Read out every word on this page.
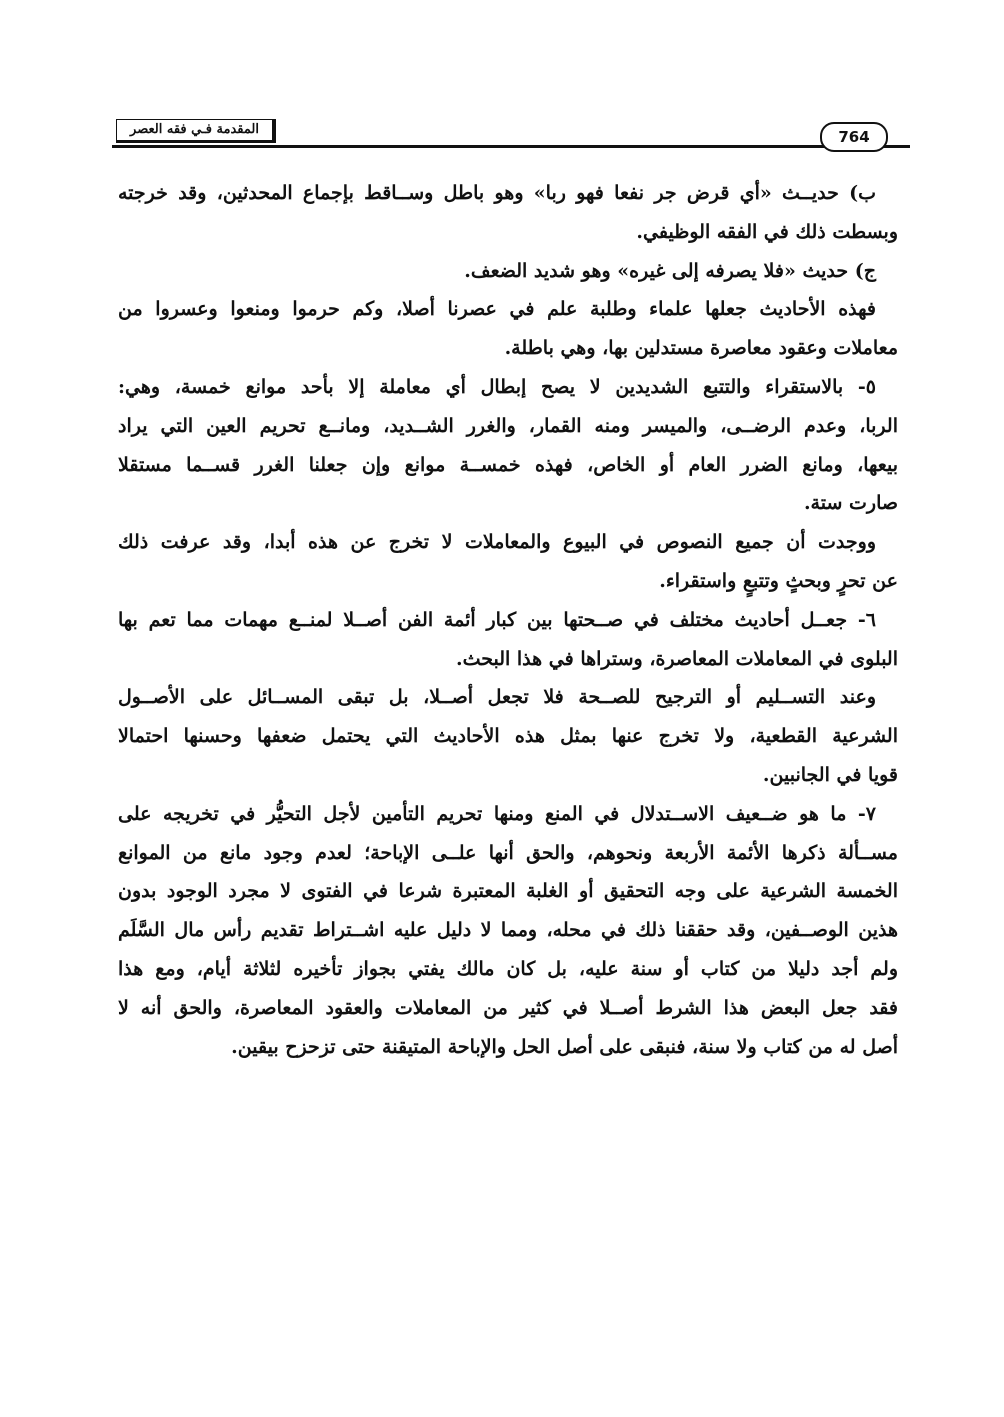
المقدمة فـي فقه العصر	764
ب) حديــث «أي قرض جر نفعا فهو ربا» وهو باطل وســاقط بإجماع المحدثين، وقد خرجته
وبسطت ذلك في الفقه الوظيفي.
ج) حديث «فلا يصرفه إلى غيره» وهو شديد الضعف.
فهذه الأحاديث جعلها علماء وطلبة علم في عصرنا أصلا، وكم حرموا ومنعوا وعسروا من
معاملات وعقود معاصرة مستدلين بها، وهي باطلة.
٥- بالاستقراء والتتبع الشديدين لا يصح إبطال أي معاملة إلا بأحد موانع خمسة، وهي:
الربا، وعدم الرضــى، والميسر ومنه القمار، والغرر الشــديد، ومانــع تحريم العين التي يراد
بيعها، ومانع الضرر العام أو الخاص، فهذه خمســة موانع وإن جعلنا الغرر قســما مستقلا
صارت ستة.
ووجدت أن جميع النصوص في البيوع والمعاملات لا تخرج عن هذه أبدا، وقد عرفت ذلك
عن تحرٍ وبحثٍ وتتبعٍ واستقراء.
٦- جعــل أحاديث مختلف في صــحتها بين كبار أئمة الفن أصــلا لمنــع مهمات مما تعم بها
البلوى في المعاملات المعاصرة، وستراها في هذا البحث.
وعند التســليم أو الترجيح للصــحة فلا تجعل أصــلا، بل تبقى المســائل على الأصــول
الشرعية القطعية، ولا تخرج عنها بمثل هذه الأحاديث التي يحتمل ضعفها وحسنها احتمالا
قويا في الجانبين.
٧- ما هو ضــعيف الاســتدلال في المنع ومنها تحريم التأمين لأجل التحيُّر في تخريجه على
مســألة ذكرها الأئمة الأربعة ونحوهم، والحق أنها علــى الإباحة؛ لعدم وجود مانع من الموانع
الخمسة الشرعية على وجه التحقيق أو الغلبة المعتبرة شرعا في الفتوى لا مجرد الوجود بدون
هذين الوصــفين، وقد حققنا ذلك في محله، ومما لا دليل عليه اشــتراط تقديم رأس مال السَّلَم
ولم أجد دليلا من كتاب أو سنة عليه، بل كان مالك يفتي بجواز تأخيره لثلاثة أيام، ومع هذا
فقد جعل البعض هذا الشرط أصــلا في كثير من المعاملات والعقود المعاصرة، والحق أنه لا
أصل له من كتاب ولا سنة، فنبقى على أصل الحل والإباحة المتيقنة حتى تزحزح بيقين.
